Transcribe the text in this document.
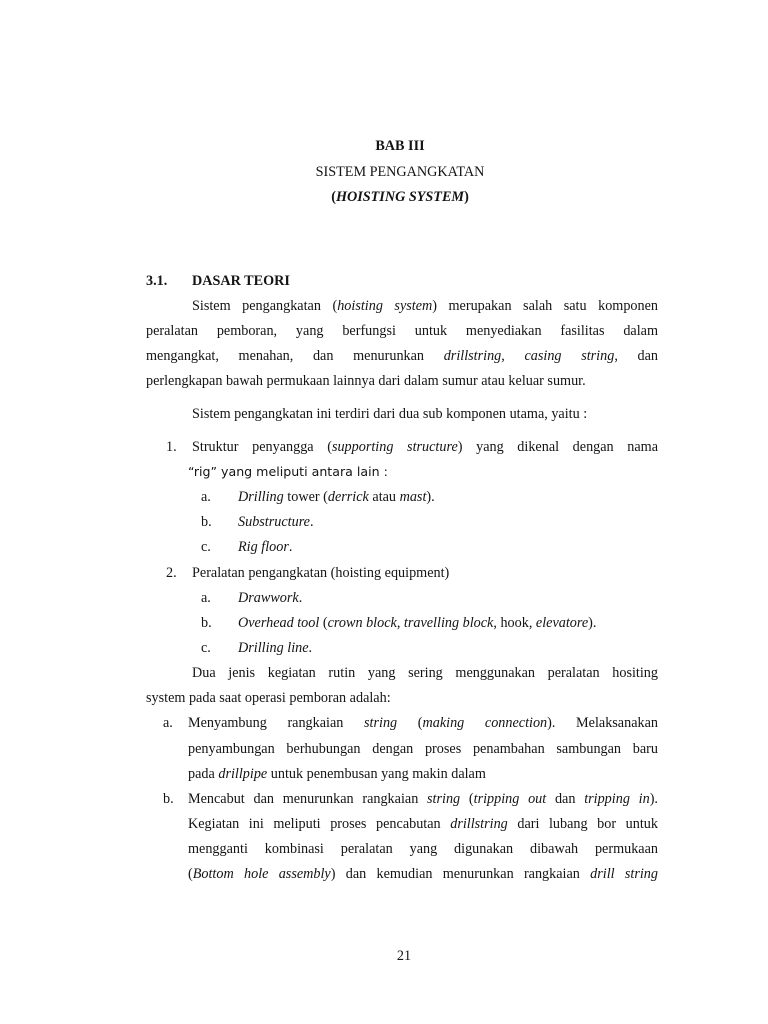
BAB III
SISTEM PENGANGKATAN
(HOISTING SYSTEM)
3.1. DASAR TEORI
Sistem pengangkatan (hoisting system) merupakan salah satu komponen
peralatan pemboran, yang berfungsi untuk menyediakan fasilitas dalam
mengangkat, menahan, dan menurunkan drillstring, casing string, dan
perlengkapan bawah permukaan lainnya dari dalam sumur atau keluar sumur.
Sistem pengangkatan ini terdiri dari dua sub komponen utama, yaitu :
1.	Struktur penyangga (supporting structure) yang dikenal dengan nama
“rig” yang meliputi antara lain :
a.	Drilling tower (derrick atau mast).
b.	Substructure.
c.	Rig floor.
2.	Peralatan pengangkatan (hoisting equipment)
a.	Drawwork.
b.	Overhead tool (crown block, travelling block, hook, elevatore).
c.	Drilling line.
Dua jenis kegiatan rutin yang sering menggunakan peralatan hositing
system pada saat operasi pemboran adalah:
a.	Menyambung rangkaian string (making connection). Melaksanakan
penyambungan berhubungan dengan proses penambahan sambungan baru
pada drillpipe untuk penembusan yang makin dalam
b.	Mencabut dan menurunkan rangkaian string (tripping out dan tripping in).
Kegiatan ini meliputi proses pencabutan drillstring dari lubang bor untuk
mengganti kombinasi peralatan yang digunakan dibawah permukaan
(Bottom hole assembly) dan kemudian menurunkan rangkaian drill string
21
